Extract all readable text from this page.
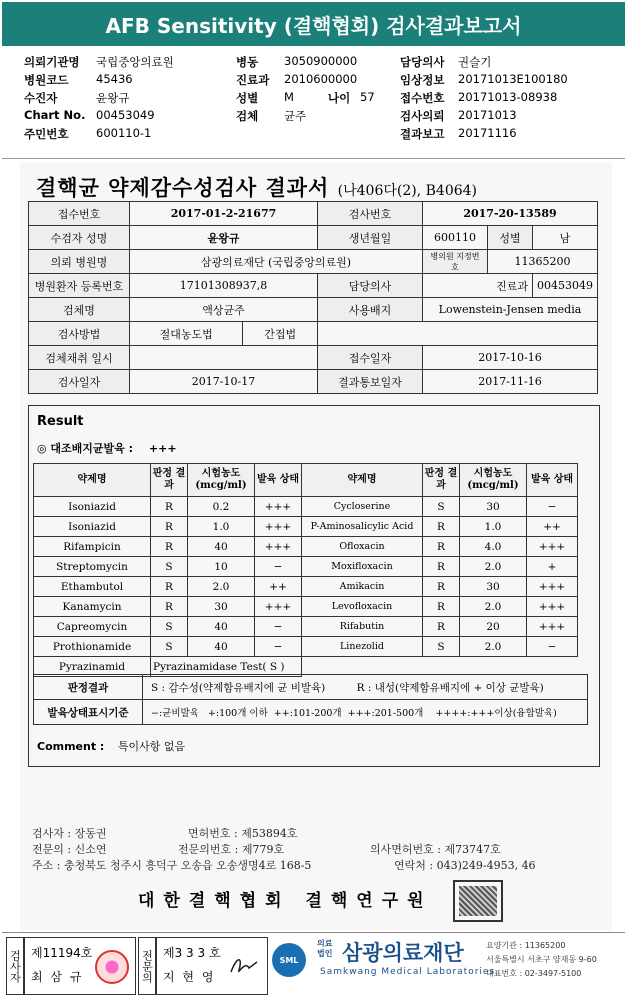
AFB Sensitivity (결핵협회) 검사결과보고서
의뢰기관명 국립중앙의료원	병동 3050900000	담당의사 권슬기
병원코드 45436	진료과 2010600000	임상정보 20171013E100180
수진자	윤왕규	성별 M	나이 57 접수번호 20171013-08938
Chart No. 00453049	검체 균주	검사의뢰 20171013
주민번호 600110-1	결과보고 20171116
결핵균 약제감수성검사 결과서 (나406다(2), B4064)
접수번호	2017-01-2-21677		검사번호	2017-20-13589		
수검자 성명	윤왕규		생년월일	600110	성별	남
의뢰 병원명	삼광의료재단 (국립중앙의료원)			병의원 지정번호	11365200	
병원환자 등록번호	17101308937,8		담당의사	진료과		00453049
검체명	액상균주		사용배지	Lowenstein-Jensen media		
검사방법	절대농도법	간접법				
검체채취 일시			접수일자	2017-10-16		
검사일자	2017-10-17		결과통보일자	2017-11-16		
Result
◎ 대조배지균발육 : +++
약제명	판정 결과	시험농도 (mcg/ml)	발육 상태	약제명	판정 결과	시험농도 (mcg/ml)	발육 상태
Isoniazid	R	0.2	+++	Cycloserine	S	30	−
Isoniazid	R	1.0	+++	P-Aminosalicylic Acid	R	1.0	++
Rifampicin	R	40	+++	Ofloxacin	R	4.0	+++
Streptomycin	S	10	−	Moxifloxacin	R	2.0	+
Ethambutol	R	2.0	++	Amikacin	R	30	+++
Kanamycin	R	30	+++	Levofloxacin	R	2.0	+++
Capreomycin	S	40	−	Rifabutin	R	20	+++
Prothionamide	S	40	−	Linezolid	S	2.0	−
Pyrazinamid	Pyrazinamidase Test( S )						
판정결과	S : 감수성(약제함유배지에 균 비발육) R : 내성(약제함유배지에 + 이상 균발육)
발육상태표시기준	−:균비발육   +:100개 이하  ++:101-200개  +++:201-500개    ++++:+++이상(융합발육)
Comment : 특이사항 없음
검사자 : 장동권	면허번호 : 제53894호
전문의 : 신소연	전문의번호 : 제779호	의사면허번호 : 제73747호
주소 : 충청북도 청주시 흥덕구 오송읍 오송생명4로 168-5	연락처 : 043)249-4953, 46
대한결핵협회 결핵연구원
검사자 제11194호
최 삼 규	전문의 제3 3 3 호
지 현 영
SML
의료
법인 삼광의료재단
Samkwang Medical Laboratories
요양기관 : 11365200
서울특별시 서초구 양재동 9-60
대표번호 : 02-3497-5100
